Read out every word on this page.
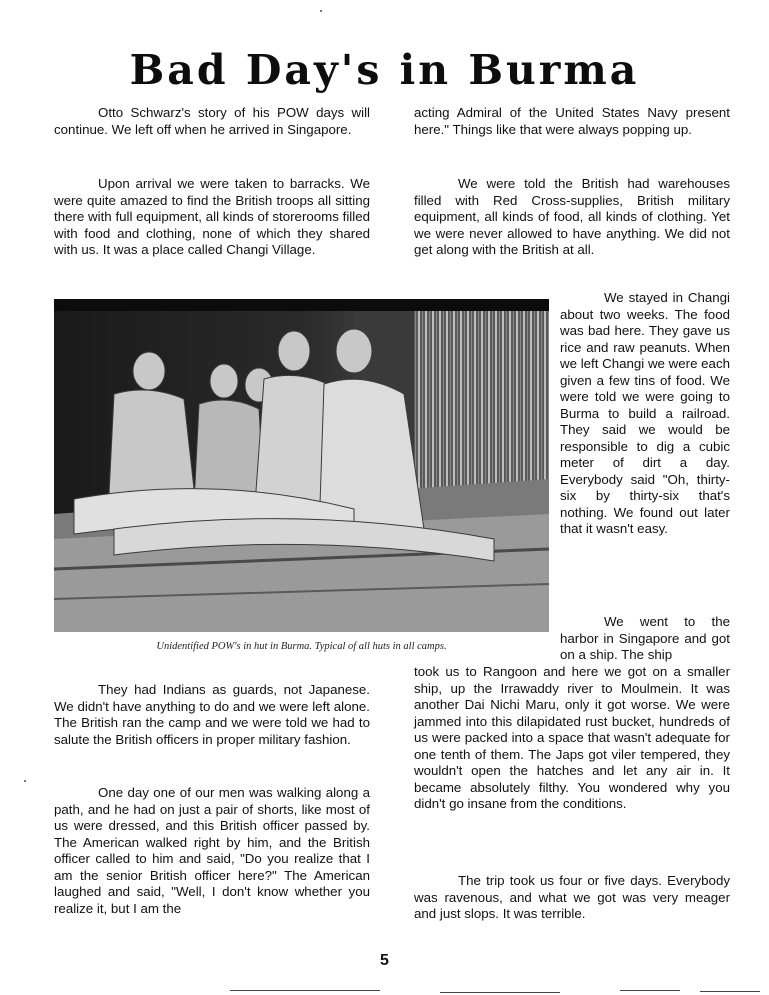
Bad Day's in Burma

Otto Schwarz's story of his POW days will continue. We left off when he arrived in Singapore.

Upon arrival we were taken to barracks. We were quite amazed to find the British troops all sitting there with full equipment, all kinds of storerooms filled with food and clothing, none of which they shared with us. It was a place called Changi Village.

acting Admiral of the United States Navy present here." Things like that were always popping up.

We were told the British had warehouses filled with Red Cross-supplies, British military equipment, all kinds of food, all kinds of clothing. Yet we were never allowed to have anything. We did not get along with the British at all.

We stayed in Changi about two weeks. The food was bad here. They gave us rice and raw peanuts. When we left Changi we were each given a few tins of food. We were told we were going to Burma to build a railroad. They said we would be responsible to dig a cubic meter of dirt a day. Everybody said "Oh, thirty-six by thirty-six that's nothing. We found out later that it wasn't easy.

Unidentified POW's in hut in Burma. Typical of all huts in all camps.

We went to the harbor in Singapore and got on a ship. The ship

took us to Rangoon and here we got on a smaller ship, up the Irrawaddy river to Moulmein. It was another Dai Nichi Maru, only it got worse. We were jammed into this dilapidated rust bucket, hundreds of us were packed into a space that wasn't adequate for one tenth of them. The Japs got viler tempered, they wouldn't open the hatches and let any air in. It became absolutely filthy. You wondered why you didn't go insane from the conditions.

They had Indians as guards, not Japanese. We didn't have anything to do and we were left alone. The British ran the camp and we were told we had to salute the British officers in proper military fashion.

One day one of our men was walking along a path, and he had on just a pair of shorts, like most of us were dressed, and this British officer passed by. The American walked right by him, and the British officer called to him and said, "Do you realize that I am the senior British officer here?" The American laughed and said, "Well, I don't know whether you realize it, but I am the

The trip took us four or five days. Everybody was ravenous, and what we got was very meager and just slops. It was terrible.

5
